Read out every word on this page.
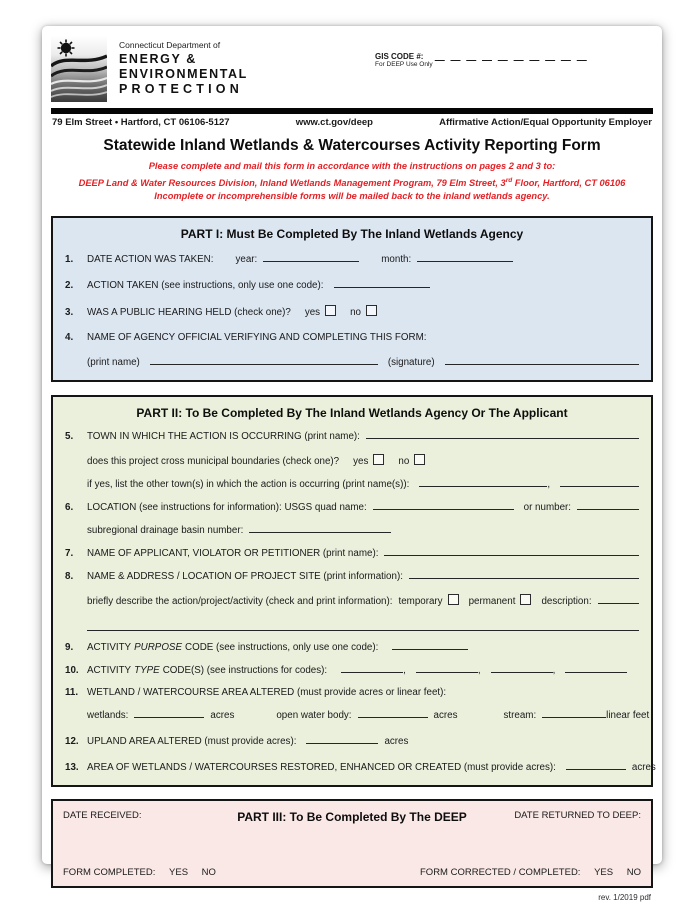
Connecticut Department of
ENERGY &
ENVIRONMENTAL
PROTECTION
GIS CODE #:
For DEEP Use Only — — — — — — — — — —
79 Elm Street • Hartford, CT 06106-5127	www.ct.gov/deep	Affirmative Action/Equal Opportunity Employer
Statewide Inland Wetlands & Watercourses Activity Reporting Form
Please complete and mail this form in accordance with the instructions on pages 2 and 3 to:
DEEP Land & Water Resources Division, Inland Wetlands Management Program, 79 Elm Street, 3rd Floor, Hartford, CT 06106
Incomplete or incomprehensible forms will be mailed back to the inland wetlands agency.
PART I: Must Be Completed By The Inland Wetlands Agency
1.	DATE ACTION WAS TAKEN: year:	month:
2.	ACTION TAKEN (see instructions, only use one code):
3.	WAS A PUBLIC HEARING HELD (check one)? yes	no
4.	NAME OF AGENCY OFFICIAL VERIFYING AND COMPLETING THIS FORM:
(print name)	(signature)
PART II: To Be Completed By The Inland Wetlands Agency Or The Applicant
5.	TOWN IN WHICH THE ACTION IS OCCURRING (print name):
does this project cross municipal boundaries (check one)? yes	no
if yes, list the other town(s) in which the action is occurring (print name(s)):	,
6.	LOCATION (see instructions for information): USGS quad name:	or number:
subregional drainage basin number:
7.	NAME OF APPLICANT, VIOLATOR OR PETITIONER (print name):
8.	NAME & ADDRESS / LOCATION OF PROJECT SITE (print information):
briefly describe the action/project/activity (check and print information): temporary	permanent	description:
9.	ACTIVITY PURPOSE CODE (see instructions, only use one code):
10. ACTIVITY TYPE CODE(S) (see instructions for codes):	,	,	,
11. WETLAND / WATERCOURSE AREA ALTERED (must provide acres or linear feet):
wetlands:	acres	open water body:	acres	stream:	linear feet
12. UPLAND AREA ALTERED (must provide acres):	acres
13. AREA OF WETLANDS / WATERCOURSES RESTORED, ENHANCED OR CREATED (must provide acres):	acres
DATE RECEIVED:	PART III: To Be Completed By The DEEP	DATE RETURNED TO DEEP:
FORM COMPLETED: YES NO	FORM CORRECTED / COMPLETED: YES NO
rev. 1/2019 pdf
